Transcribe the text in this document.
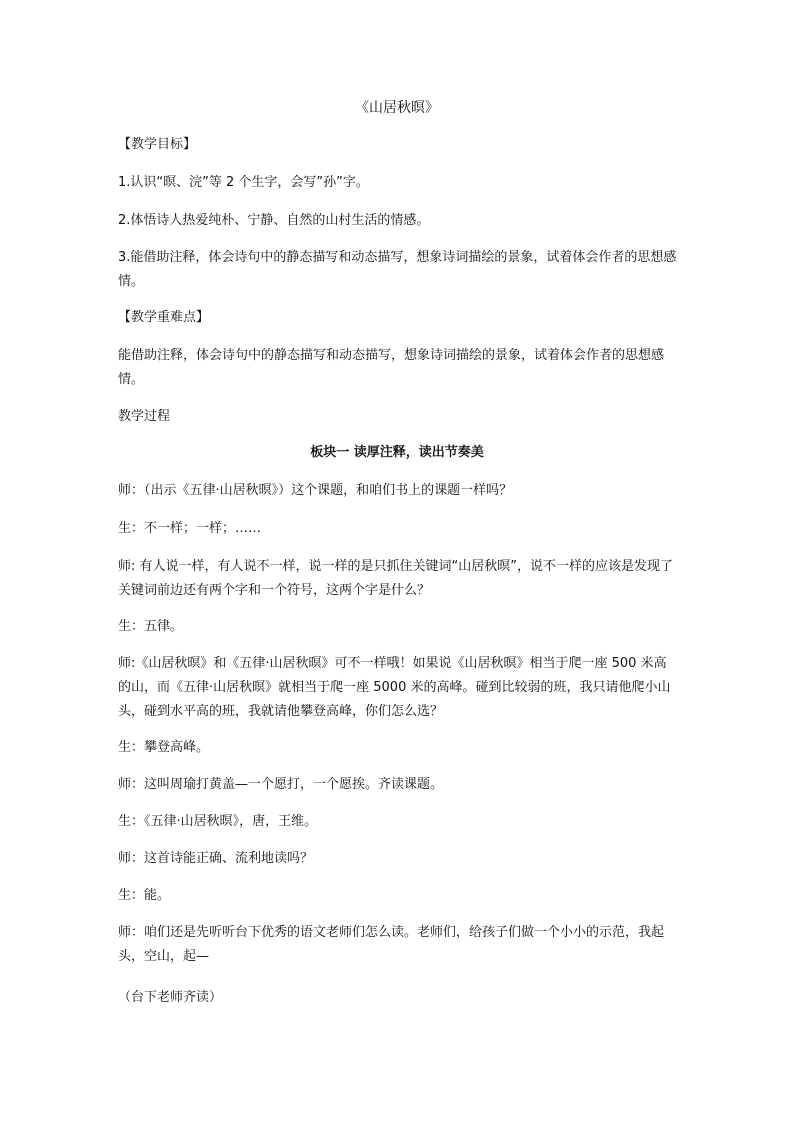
《山居秋暝》
【教学目标】
1.认识“暝、浣”等 2 个生字，会写”孙”字。
2.体悟诗人热爱纯朴、宁静、自然的山村生活的情感。
3.能借助注释，体会诗句中的静态描写和动态描写，想象诗词描绘的景象，试着体会作者的思想感情。
【教学重难点】
能借助注释，体会诗句中的静态描写和动态描写，想象诗词描绘的景象，试着体会作者的思想感情。
教学过程
板块一 读厚注释，读出节奏美
师：（出示《五律·山居秋暝》）这个课题，和咱们书上的课题一样吗？
生：不一样；一样；……
师: 有人说一样，有人说不一样，说一样的是只抓住关键词“山居秋暝”，说不一样的应该是发现了关键词前边还有两个字和一个符号，这两个字是什么？
生：五律。
师:《山居秋暝》和《五律·山居秋暝》可不一样哦！如果说《山居秋暝》相当于爬一座 500 米高的山，而《五律·山居秋暝》就相当于爬一座 5000 米的高峰。碰到比较弱的班，我只请他爬小山头，碰到水平高的班，我就请他攀登高峰，你们怎么选？
生：攀登高峰。
师：这叫周瑜打黄盖—一个愿打，一个愿挨。齐读课题。
生：《五律·山居秋暝》，唐，王维。
师：这首诗能正确、流利地读吗？
生：能。
师：咱们还是先听听台下优秀的语文老师们怎么读。老师们，给孩子们做一个小小的示范，我起头，空山，起—
（台下老师齐读）
